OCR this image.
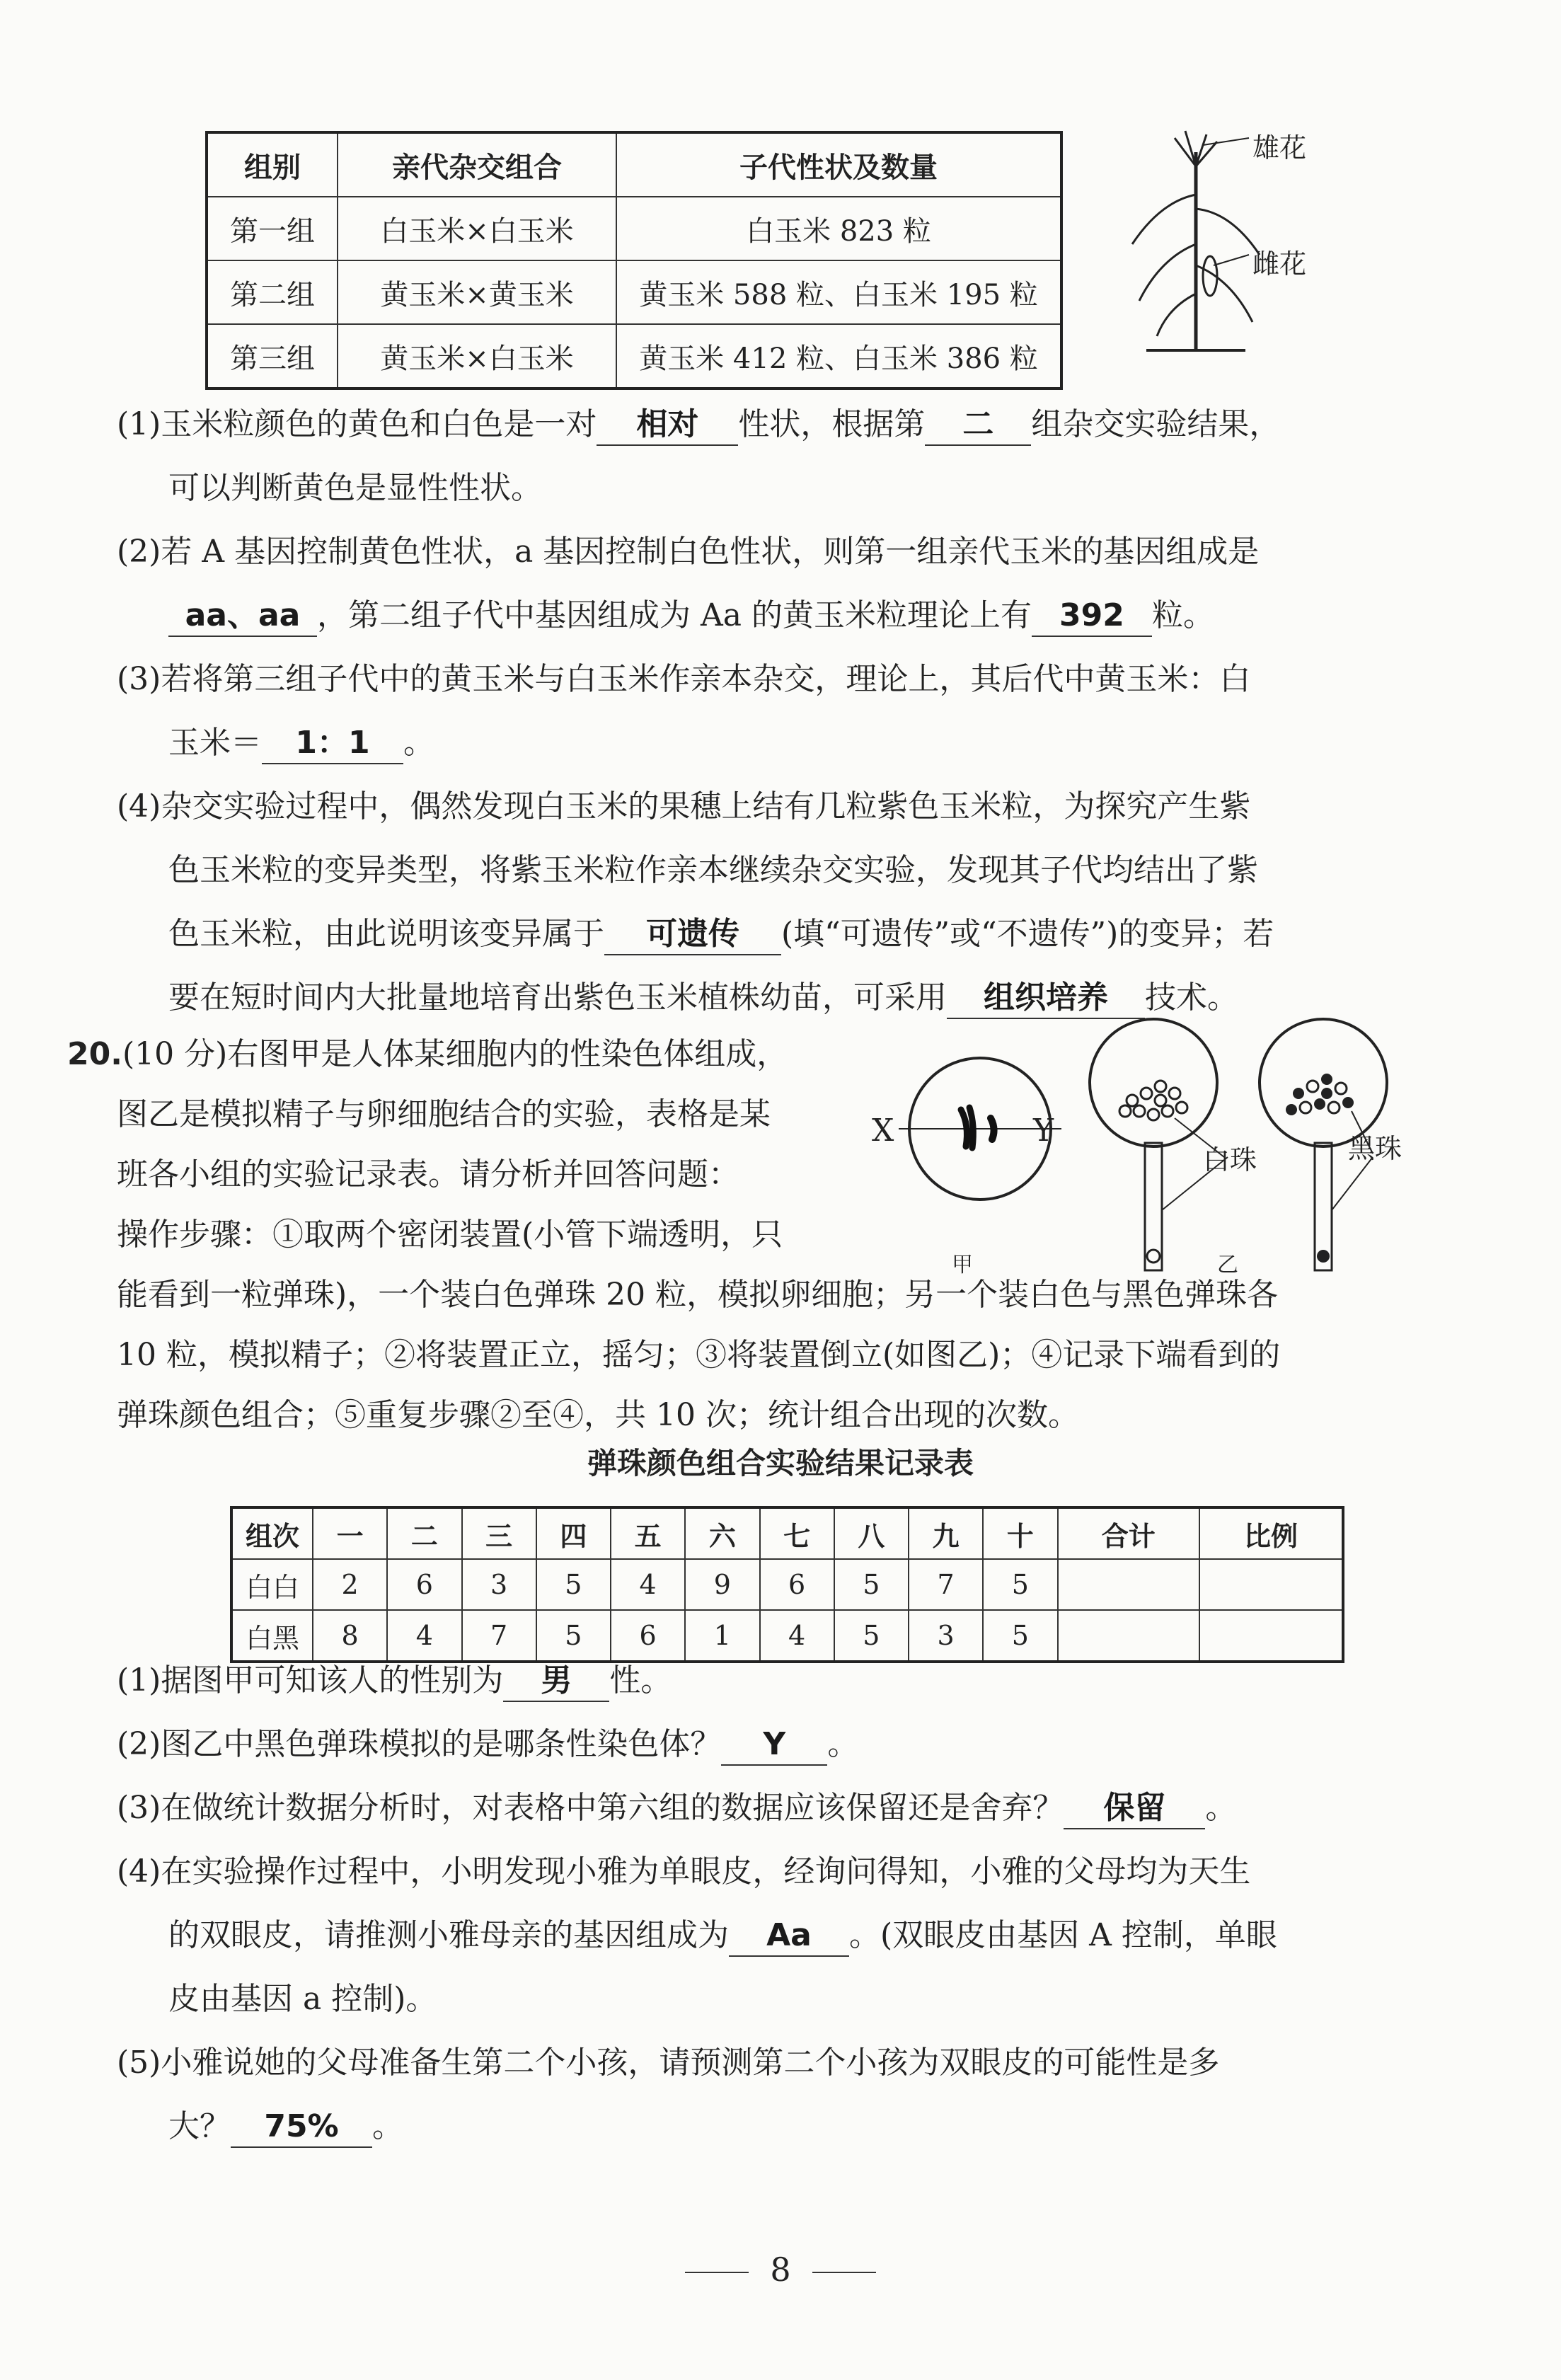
组别	亲代杂交组合	子代性状及数量
第一组	白玉米×白玉米	白玉米 823 粒
第二组	黄玉米×黄玉米	黄玉米 588 粒、白玉米 195 粒
第三组	黄玉米×白玉米	黄玉米 412 粒、白玉米 386 粒
雄花
雌花
(1)玉米粒颜色的黄色和白色是一对 相对 性状，根据第 二 组杂交实验结果，
可以判断黄色是显性性状。
(2)若 A 基因控制黄色性状，a 基因控制白色性状，则第一组亲代玉米的基因组成是
aa、aa ，第二组子代中基因组成为 Aa 的黄玉米粒理论上有 392 粒。
(3)若将第三组子代中的黄玉米与白玉米作亲本杂交，理论上，其后代中黄玉米：白
玉米＝ 1：1 。
(4)杂交实验过程中，偶然发现白玉米的果穗上结有几粒紫色玉米粒，为探究产生紫
色玉米粒的变异类型，将紫玉米粒作亲本继续杂交实验，发现其子代均结出了紫
色玉米粒，由此说明该变异属于 可遗传 (填“可遗传”或“不遗传”)的变异；若
要在短时间内大批量地培育出紫色玉米植株幼苗，可采用 组织培养 技术。
20.(10 分)右图甲是人体某细胞内的性染色体组成，
图乙是模拟精子与卵细胞结合的实验，表格是某
班各小组的实验记录表。请分析并回答问题：
操作步骤：①取两个密闭装置(小管下端透明，只
能看到一粒弹珠)，一个装白色弹珠 20 粒，模拟卵细胞；另一个装白色与黑色弹珠各
10 粒，模拟精子；②将装置正立，摇匀；③将装置倒立(如图乙)；④记录下端看到的
弹珠颜色组合；⑤重复步骤②至④，共 10 次；统计组合出现的次数。
甲	乙
X	Y
白珠	黑珠
弹珠颜色组合实验结果记录表
组次	一	二	三	四	五	六	七	八	九	十	合计	比例
白白	2	6	3	5	4	9	6	5	7	5		
白黑	8	4	7	5	6	1	4	5	3	5		
(1)据图甲可知该人的性别为 男 性。
(2)图乙中黑色弹珠模拟的是哪条性染色体？ Y 。
(3)在做统计数据分析时，对表格中第六组的数据应该保留还是舍弃？ 保留 。
(4)在实验操作过程中，小明发现小雅为单眼皮，经询问得知，小雅的父母均为天生
的双眼皮，请推测小雅母亲的基因组成为 Aa 。(双眼皮由基因 A 控制，单眼
皮由基因 a 控制)。
(5)小雅说她的父母准备生第二个小孩，请预测第二个小孩为双眼皮的可能性是多
大？ 75% 。
8
